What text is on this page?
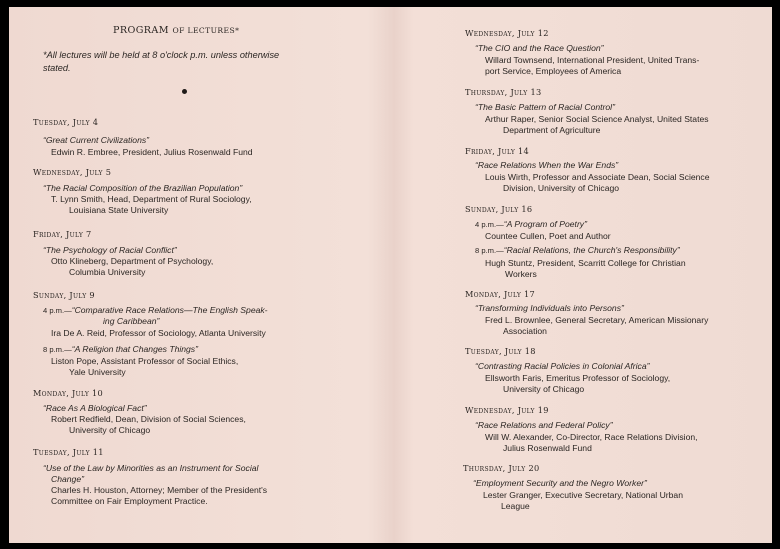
PROGRAM OF LECTURES*
*All lectures will be held at 8 o'clock p.m. unless otherwise
stated.
Tuesday, July 4
“Great Current Civilizations”
Edwin R. Embree, President, Julius Rosenwald Fund
Wednesday, July 5
“The Racial Composition of the Brazilian Population”
T. Lynn Smith, Head, Department of Rural Sociology,
Louisiana State University
Friday, July 7
“The Psychology of Racial Conflict”
Otto Klineberg, Department of Psychology,
Columbia University
Sunday, July 9
4 p.m.—“Comparative Race Relations—The English Speak-
ing Caribbean”
Ira De A. Reid, Professor of Sociology, Atlanta University
8 p.m.—“A Religion that Changes Things”
Liston Pope, Assistant Professor of Social Ethics,
Yale University
Monday, July 10
“Race As A Biological Fact”
Robert Redfield, Dean, Division of Social Sciences,
University of Chicago
Tuesday, July 11
“Use of the Law by Minorities as an Instrument for Social
Change”
Charles H. Houston, Attorney; Member of the President's
Committee on Fair Employment Practice.
Wednesday, July 12
“The CIO and the Race Question”
Willard Townsend, International President, United Trans-
port Service, Employees of America
Thursday, July 13
“The Basic Pattern of Racial Control”
Arthur Raper, Senior Social Science Analyst, United States
Department of Agriculture
Friday, July 14
“Race Relations When the War Ends”
Louis Wirth, Professor and Associate Dean, Social Science
Division, University of Chicago
Sunday, July 16
4 p.m.—“A Program of Poetry”
Countee Cullen, Poet and Author
8 p.m.—“Racial Relations, the Church's Responsibility”
Hugh Stuntz, President, Scarritt College for Christian
Workers
Monday, July 17
“Transforming Individuals into Persons”
Fred L. Brownlee, General Secretary, American Missionary
Association
Tuesday, July 18
“Contrasting Racial Policies in Colonial Africa”
Ellsworth Faris, Emeritus Professor of Sociology,
University of Chicago
Wednesday, July 19
“Race Relations and Federal Policy”
Will W. Alexander, Co-Director, Race Relations Division,
Julius Rosenwald Fund
Thursday, July 20
“Employment Security and the Negro Worker”
Lester Granger, Executive Secretary, National Urban
League
